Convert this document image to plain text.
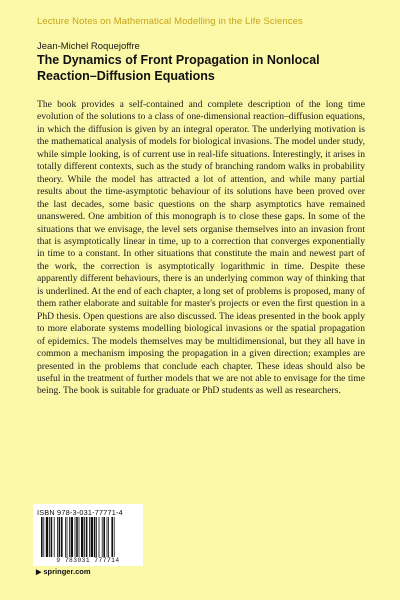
Lecture Notes on Mathematical Modelling in the Life Sciences
Jean-Michel Roquejoffre
The Dynamics of Front Propagation in Nonlocal
Reaction–Diffusion Equations

The book provides a self-contained and complete description of the long time evolution of the solutions to a class of one-dimensional reaction–diffusion equations, in which the diffusion is given by an integral operator. The underlying motivation is the mathematical analysis of models for biological invasions. The model under study, while simple looking, is of current use in real-life situations. Interestingly, it arises in totally different contexts, such as the study of branching random walks in probability theory. While the model has attracted a lot of attention, and while many partial results about the time-asymptotic behaviour of its solutions have been proved over the last decades, some basic questions on the sharp asymptotics have remained unanswered. One ambition of this monograph is to close these gaps. In some of the situations that we envisage, the level sets organise themselves into an invasion front that is asymptotically linear in time, up to a correction that converges exponentially in time to a constant. In other situations that constitute the main and newest part of the work, the correction is asymptotically logarithmic in time. Despite these apparently different behaviours, there is an underlying common way of thinking that is underlined. At the end of each chapter, a long set of problems is proposed, many of them rather elaborate and suitable for master's projects or even the first question in a PhD thesis. Open questions are also discussed. The ideas presented in the book apply to more elaborate systems modelling biological invasions or the spatial propagation of epidemics. The models themselves may be multidimensional, but they all have in common a mechanism imposing the propagation in a given direction; examples are presented in the problems that conclude each chapter. These ideas should also be useful in the treatment of further models that we are not able to envisage for the time being. The book is suitable for graduate or PhD students as well as researchers.

ISBN 978-3-031-77771-4
9 783031 777714
▶ springer.com
